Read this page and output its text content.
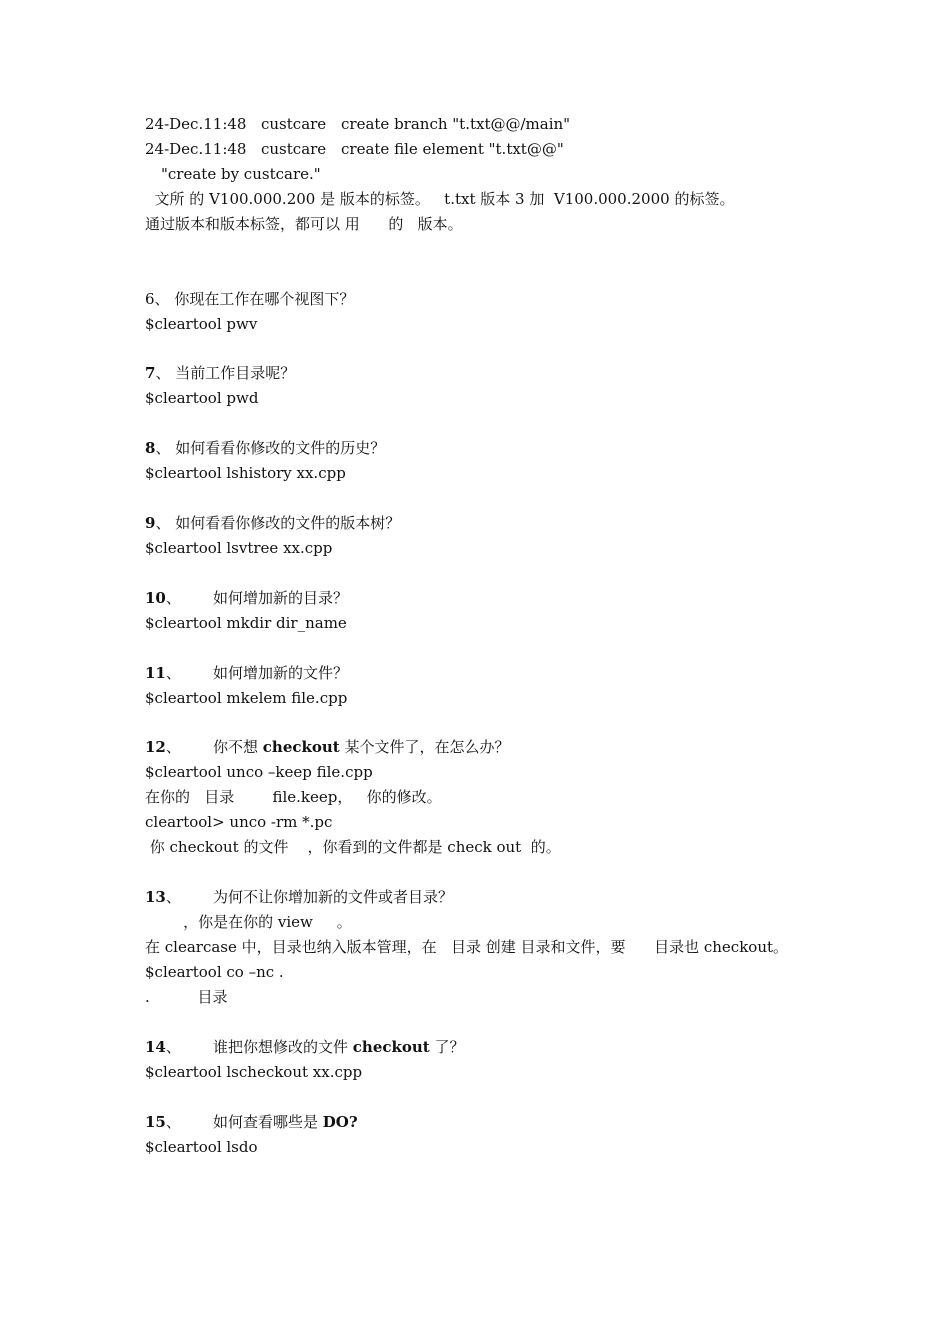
24-Dec.11:48 custcare create branch "t.txt@@/main"
24-Dec.11:48 custcare create file element "t.txt@@"
"create by custcare."
文所 的 V100.000.200 是 版本的标签。   t.txt 版本 3 加  V100.000.2000 的标签。
通过版本和版本标签，都可以 用      的   版本。
6、 你现在工作在哪个视图下？
$cleartool pwv
7、 当前工作目录呢？
$cleartool pwd
8、 如何看看你修改的文件的历史？
$cleartool lshistory xx.cpp
9、 如何看看你修改的文件的版本树？
$cleartool lsvtree xx.cpp
10、 如何增加新的目录？
$cleartool mkdir dir_name
11、 如何增加新的文件？
$cleartool mkelem file.cpp
12、 你不想 checkout 某个文件了，在怎么办？
$cleartool unco –keep file.cpp
在你的   目录        file.keep，   你的修改。
cleartool> unco -rm *.pc
你 checkout 的文件    ，你看到的文件都是 check out  的。
13、 为何不让你增加新的文件或者目录？
，你是在你的 view     。
在 clearcase 中，目录也纳入版本管理，在   目录 创建 目录和文件，要      目录也 checkout。
$cleartool co –nc .
.          目录
14、 谁把你想修改的文件 checkout 了？
$cleartool lscheckout xx.cpp
15、 如何查看哪些是 DO?
$cleartool lsdo
